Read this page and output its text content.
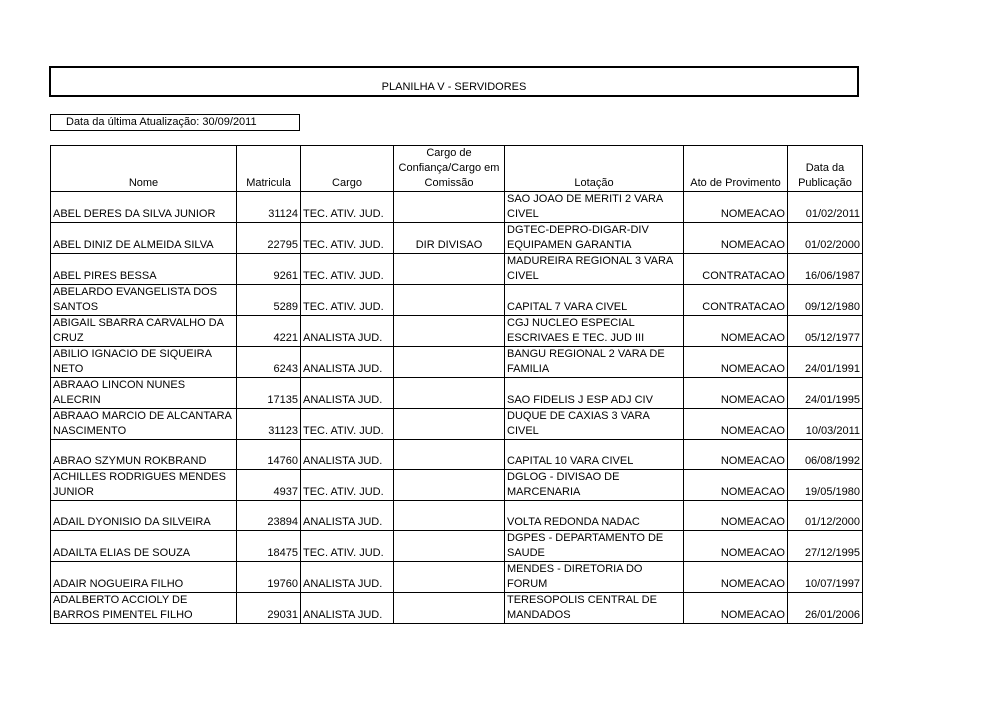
PLANILHA V - SERVIDORES
Data da última Atualização: 30/09/2011
Nome	Matricula	Cargo	Cargo de Confiança/Cargo em Comissão	Lotação	Ato de Provimento	Data da Publicação
ABEL DERES DA SILVA JUNIOR	31124	TEC. ATIV. JUD.		SAO JOAO DE MERITI 2 VARA CIVEL	NOMEACAO	01/02/2011
ABEL DINIZ DE ALMEIDA SILVA	22795	TEC. ATIV. JUD.	DIR DIVISAO	DGTEC-DEPRO-DIGAR-DIV EQUIPAMEN GARANTIA	NOMEACAO	01/02/2000
ABEL PIRES BESSA	9261	TEC. ATIV. JUD.		MADUREIRA REGIONAL 3 VARA CIVEL	CONTRATACAO	16/06/1987
ABELARDO EVANGELISTA DOS SANTOS	5289	TEC. ATIV. JUD.		CAPITAL 7 VARA CIVEL	CONTRATACAO	09/12/1980
ABIGAIL SBARRA CARVALHO DA CRUZ	4221	ANALISTA JUD.		CGJ NUCLEO ESPECIAL ESCRIVAES E TEC. JUD III	NOMEACAO	05/12/1977
ABILIO IGNACIO DE SIQUEIRA NETO	6243	ANALISTA JUD.		BANGU REGIONAL 2 VARA DE FAMILIA	NOMEACAO	24/01/1991
ABRAAO LINCON NUNES ALECRIN	17135	ANALISTA JUD.		SAO FIDELIS J ESP ADJ CIV	NOMEACAO	24/01/1995
ABRAAO MARCIO DE ALCANTARA NASCIMENTO	31123	TEC. ATIV. JUD.		DUQUE DE CAXIAS 3 VARA CIVEL	NOMEACAO	10/03/2011
ABRAO SZYMUN ROKBRAND	14760	ANALISTA JUD.		CAPITAL 10 VARA CIVEL	NOMEACAO	06/08/1992
ACHILLES RODRIGUES MENDES JUNIOR	4937	TEC. ATIV. JUD.		DGLOG - DIVISAO DE MARCENARIA	NOMEACAO	19/05/1980
ADAIL DYONISIO DA SILVEIRA	23894	ANALISTA JUD.		VOLTA REDONDA NADAC	NOMEACAO	01/12/2000
ADAILTA ELIAS DE SOUZA	18475	TEC. ATIV. JUD.		DGPES - DEPARTAMENTO DE SAUDE	NOMEACAO	27/12/1995
ADAIR NOGUEIRA FILHO	19760	ANALISTA JUD.		MENDES - DIRETORIA DO FORUM	NOMEACAO	10/07/1997
ADALBERTO ACCIOLY DE BARROS PIMENTEL FILHO	29031	ANALISTA JUD.		TERESOPOLIS CENTRAL DE MANDADOS	NOMEACAO	26/01/2006
